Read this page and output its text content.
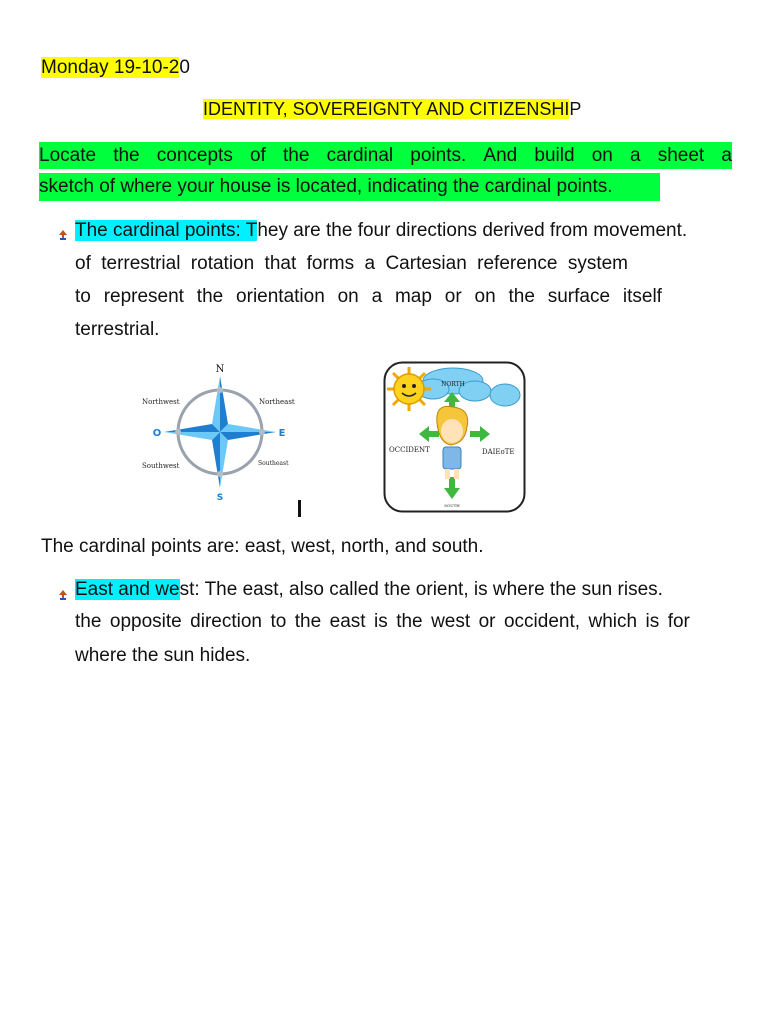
Monday 19-10-20
IDENTITY, SOVEREIGNTY AND CITIZENSHIP
Locate the concepts of the cardinal points. And build on a sheet a
sketch of where your house is located, indicating the cardinal points.
The cardinal points: They are the four directions derived from movement.
of terrestrial rotation that forms a Cartesian reference system
to represent the orientation on a map or on the surface itself
terrestrial.
N
S
E
O
Northwest	Northeast
Southwest	Southeast
NORTH
OCCIDENT	DAIEoTE
SOUTH
The cardinal points are: east, west, north, and south.
East and west: The east, also called the orient, is where the sun rises.
the opposite direction to the east is the west or occident, which is for
where the sun hides.
